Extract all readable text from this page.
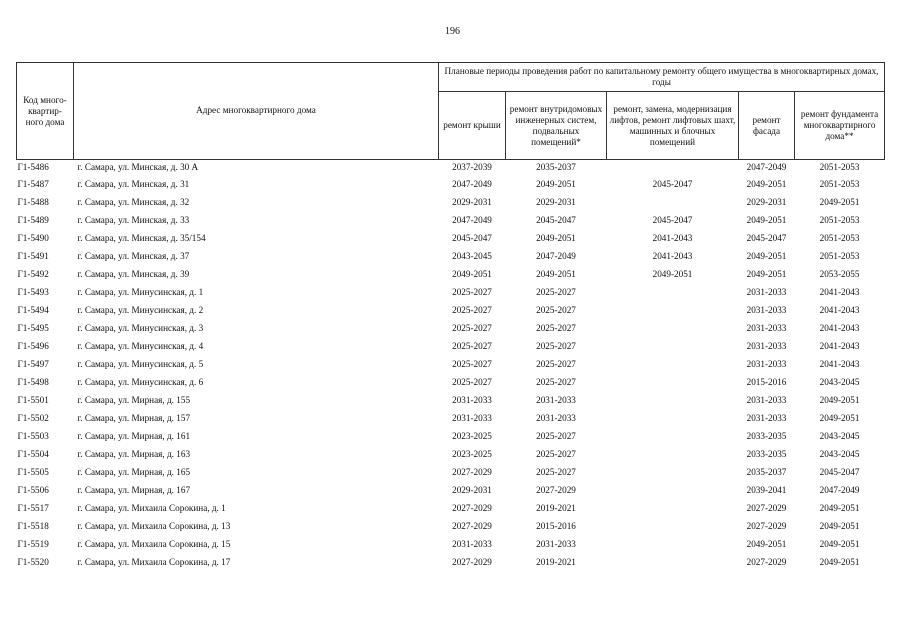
196
Код много- квартир- ного дома	Адрес многоквартирного дома	Плановые периоды проведения работ по капитальному ремонту общего имущества в многоквартирных домах, годы				
		ремонт крыши	ремонт внутридомовых инженерных систем, подвальных помещений*	ремонт, замена, модернизация лифтов, ремонт лифтовых шахт, машинных и блочных помещений	ремонт фасада	ремонт фундамента многоквартирного дома**
Г1-5486	г. Самара, ул. Минская, д. 30 А	2037-2039	2035-2037		2047-2049	2051-2053
Г1-5487	г. Самара, ул. Минская, д. 31	2047-2049	2049-2051	2045-2047	2049-2051	2051-2053
Г1-5488	г. Самара, ул. Минская, д. 32	2029-2031	2029-2031		2029-2031	2049-2051
Г1-5489	г. Самара, ул. Минская, д. 33	2047-2049	2045-2047	2045-2047	2049-2051	2051-2053
Г1-5490	г. Самара, ул. Минская, д. 35/154	2045-2047	2049-2051	2041-2043	2045-2047	2051-2053
Г1-5491	г. Самара, ул. Минская, д. 37	2043-2045	2047-2049	2041-2043	2049-2051	2051-2053
Г1-5492	г. Самара, ул. Минская, д. 39	2049-2051	2049-2051	2049-2051	2049-2051	2053-2055
Г1-5493	г. Самара, ул. Минусинская, д. 1	2025-2027	2025-2027		2031-2033	2041-2043
Г1-5494	г. Самара, ул. Минусинская, д. 2	2025-2027	2025-2027		2031-2033	2041-2043
Г1-5495	г. Самара, ул. Минусинская, д. 3	2025-2027	2025-2027		2031-2033	2041-2043
Г1-5496	г. Самара, ул. Минусинская, д. 4	2025-2027	2025-2027		2031-2033	2041-2043
Г1-5497	г. Самара, ул. Минусинская, д. 5	2025-2027	2025-2027		2031-2033	2041-2043
Г1-5498	г. Самара, ул. Минусинская, д. 6	2025-2027	2025-2027		2015-2016	2043-2045
Г1-5501	г. Самара, ул. Мирная, д. 155	2031-2033	2031-2033		2031-2033	2049-2051
Г1-5502	г. Самара, ул. Мирная, д. 157	2031-2033	2031-2033		2031-2033	2049-2051
Г1-5503	г. Самара, ул. Мирная, д. 161	2023-2025	2025-2027		2033-2035	2043-2045
Г1-5504	г. Самара, ул. Мирная, д. 163	2023-2025	2025-2027		2033-2035	2043-2045
Г1-5505	г. Самара, ул. Мирная, д. 165	2027-2029	2025-2027		2035-2037	2045-2047
Г1-5506	г. Самара, ул. Мирная, д. 167	2029-2031	2027-2029		2039-2041	2047-2049
Г1-5517	г. Самара, ул. Михаила Сорокина, д. 1	2027-2029	2019-2021		2027-2029	2049-2051
Г1-5518	г. Самара, ул. Михаила Сорокина, д. 13	2027-2029	2015-2016		2027-2029	2049-2051
Г1-5519	г. Самара, ул. Михаила Сорокина, д. 15	2031-2033	2031-2033		2049-2051	2049-2051
Г1-5520	г. Самара, ул. Михаила Сорокина, д. 17	2027-2029	2019-2021		2027-2029	2049-2051
